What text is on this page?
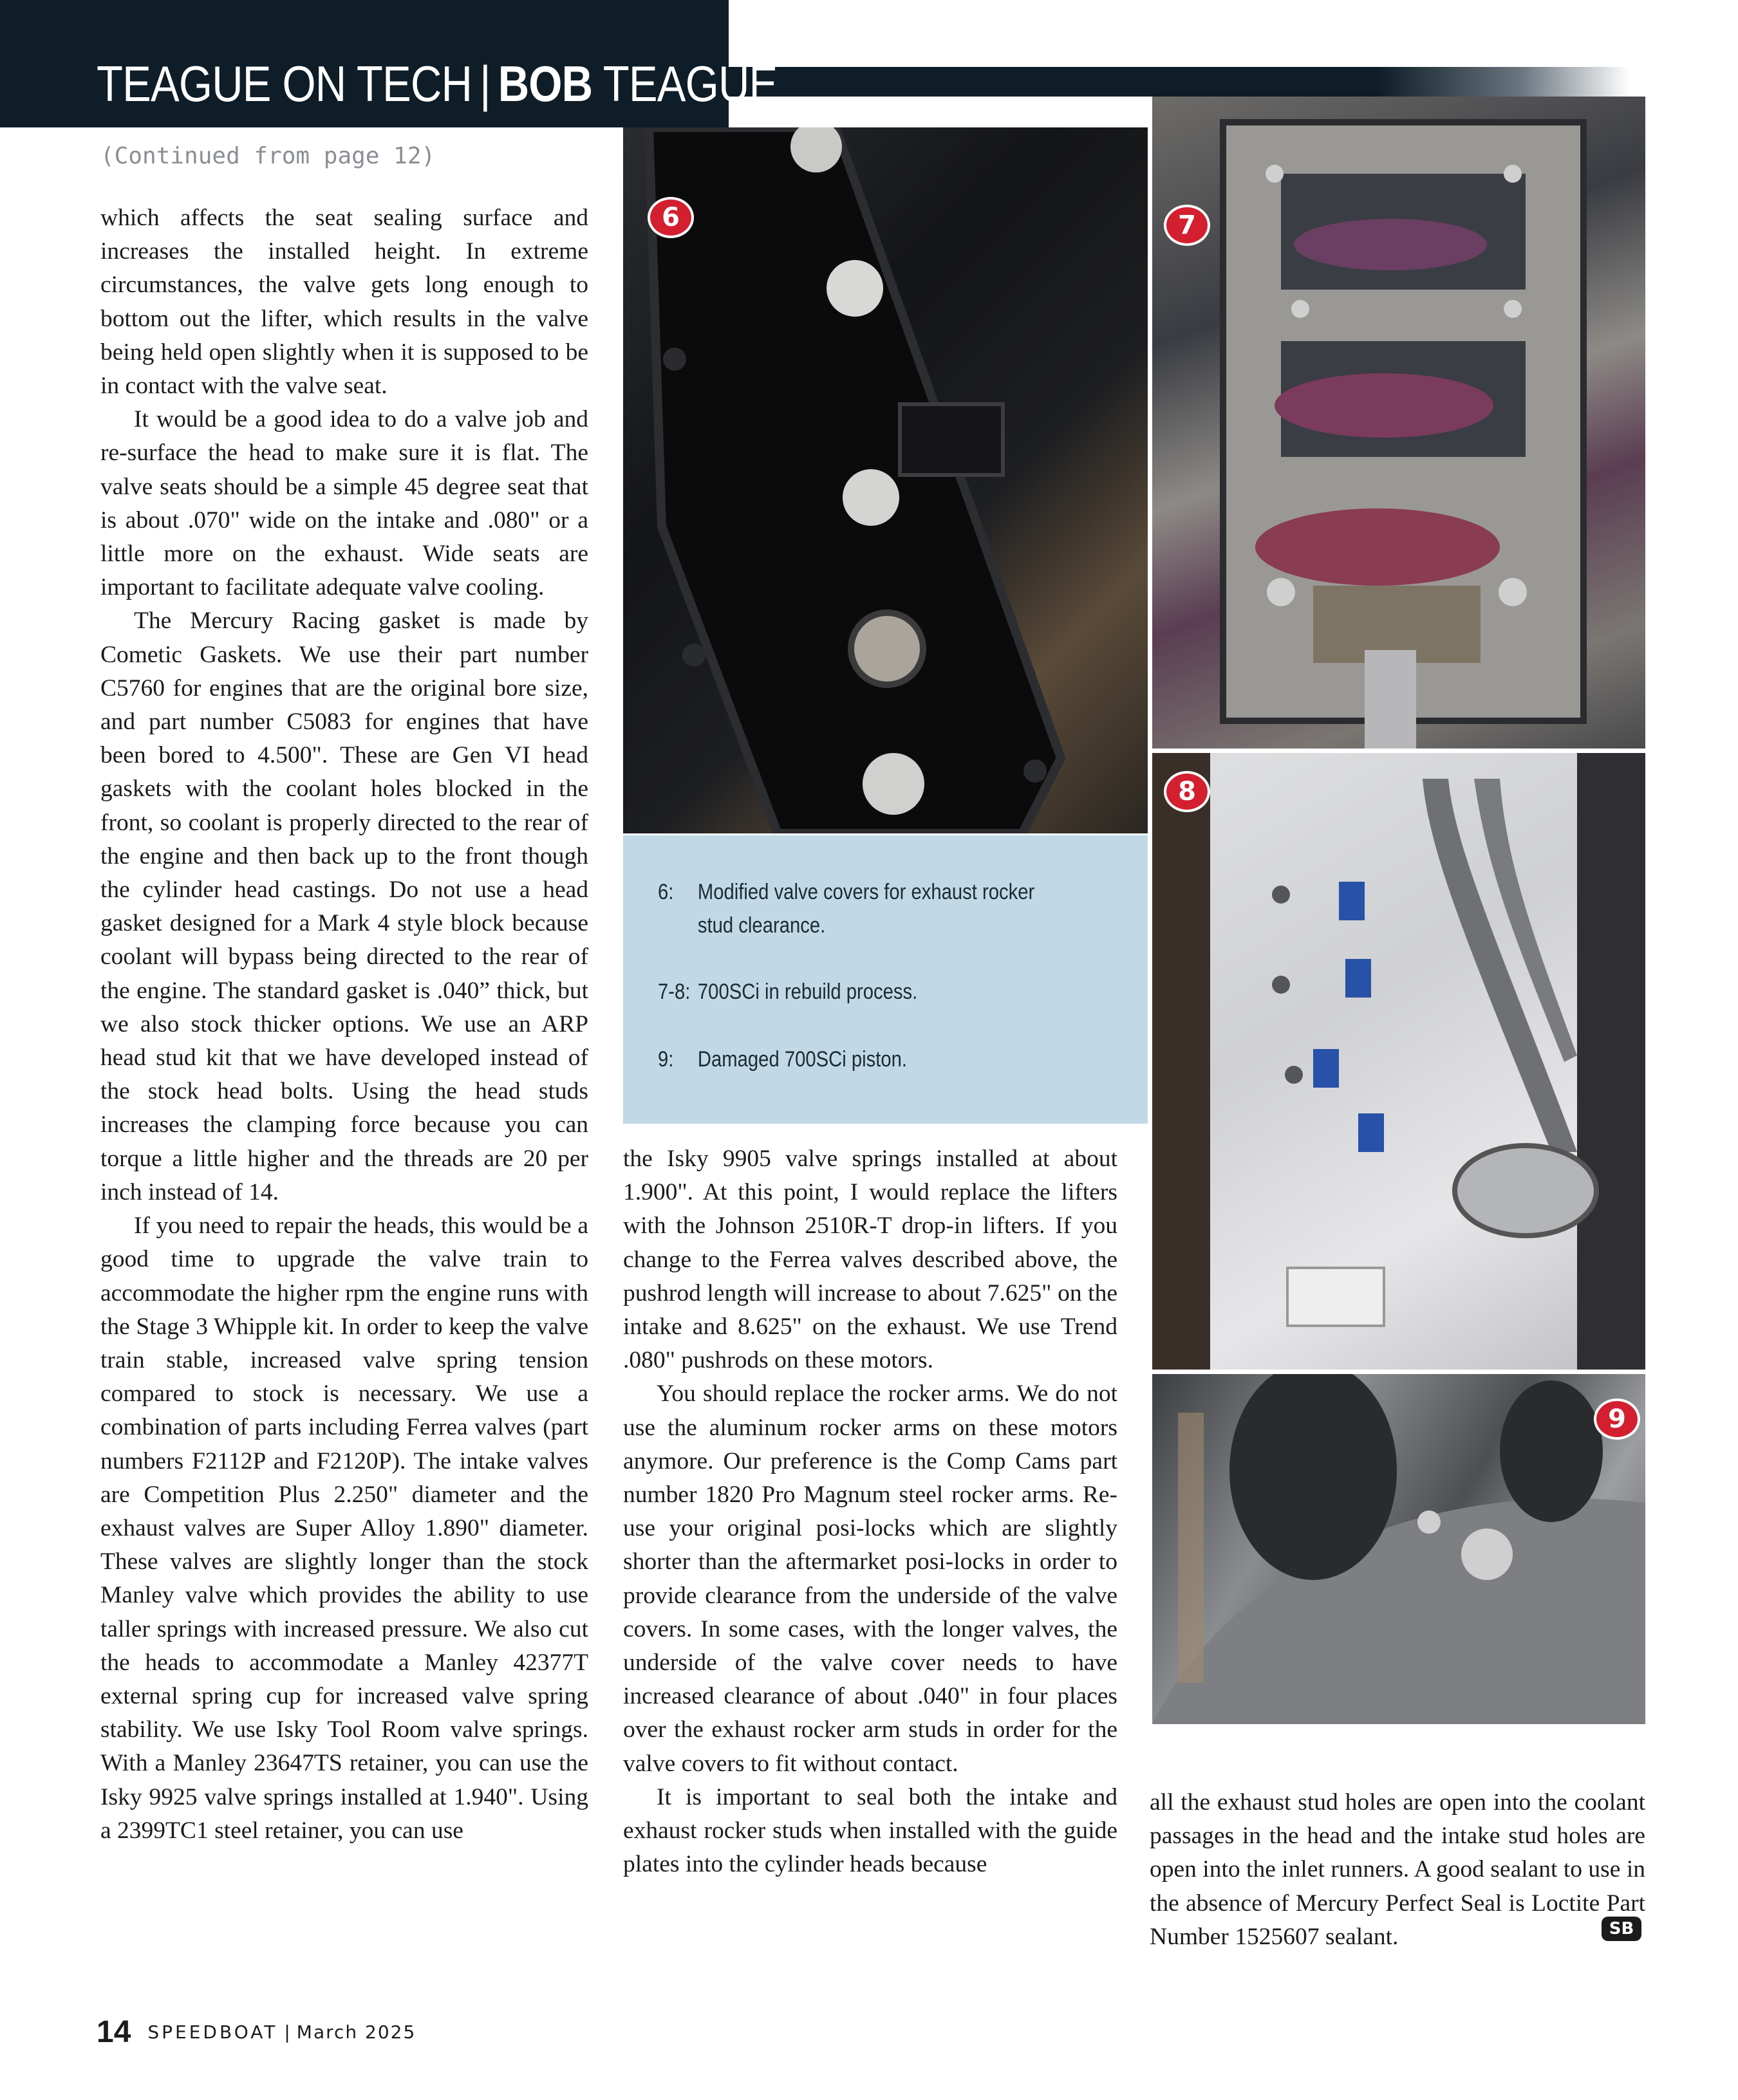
TEAGUE ON TECH | BOB TEAGUE
(Continued from page 12)

which affects the seat sealing surface and increases the installed height. In extreme circumstances, the valve gets long enough to bottom out the lifter, which results in the valve being held open slightly when it is supposed to be in contact with the valve seat.

It would be a good idea to do a valve job and re-surface the head to make sure it is flat. The valve seats should be a simple 45 degree seat that is about .070" wide on the intake and .080" or a little more on the exhaust. Wide seats are important to facilitate adequate valve cooling.

The Mercury Racing gasket is made by Cometic Gaskets. We use their part number C5760 for engines that are the original bore size, and part number C5083 for engines that have been bored to 4.500". These are Gen VI head gaskets with the coolant holes blocked in the front, so coolant is properly directed to the rear of the engine and then back up to the front though the cylinder head castings. Do not use a head gasket designed for a Mark 4 style block because coolant will bypass being directed to the rear of the engine. The standard gasket is .040” thick, but we also stock thicker options. We use an ARP head stud kit that we have developed instead of the stock head bolts. Using the head studs increases the clamping force because you can torque a little higher and the threads are 20 per inch instead of 14.

If you need to repair the heads, this would be a good time to upgrade the valve train to accommodate the higher rpm the engine runs with the Stage 3 Whipple kit. In order to keep the valve train stable, increased valve spring tension compared to stock is necessary. We use a combination of parts including Ferrea valves (part numbers F2112P and F2120P). The intake valves are Competition Plus 2.250" diameter and the exhaust valves are Super Alloy 1.890" diameter. These valves are slightly longer than the stock Manley valve which provides the ability to use taller springs with increased pressure. We also cut the heads to accommodate a Manley 42377T external spring cup for increased valve spring stability. We use Isky Tool Room valve springs. With a Manley 23647TS retainer, you can use the Isky 9925 valve springs installed at 1.940". Using a 2399TC1 steel retainer, you can use

6	7
8
9
6: Modified valve covers for exhaust rocker
stud clearance.
7-8: 700SCi in rebuild process.
9: Damaged 700SCi piston.

the Isky 9905 valve springs installed at about 1.900". At this point, I would replace the lifters with the Johnson 2510R-T drop-in lifters. If you change to the Ferrea valves described above, the pushrod length will increase to about 7.625" on the intake and 8.625" on the exhaust. We use Trend .080" pushrods on these motors.

You should replace the rocker arms. We do not use the aluminum rocker arms on these motors anymore. Our preference is the Comp Cams part number 1820 Pro Magnum steel rocker arms. Re-use your original posi-locks which are slightly shorter than the aftermarket posi-locks in order to provide clearance from the underside of the valve covers. In some cases, with the longer valves, the underside of the valve cover needs to have increased clearance of about .040" in four places over the exhaust rocker arm studs in order for the valve covers to fit without contact.

It is important to seal both the intake and exhaust rocker studs when installed with the guide plates into the cylinder heads because

all the exhaust stud holes are open into the coolant passages in the head and the intake stud holes are open into the inlet runners. A good sealant to use in the absence of Mercury Perfect Seal is Loctite Part Number 1525607 sealant.	SB
14 SPEEDBOAT | March 2025
